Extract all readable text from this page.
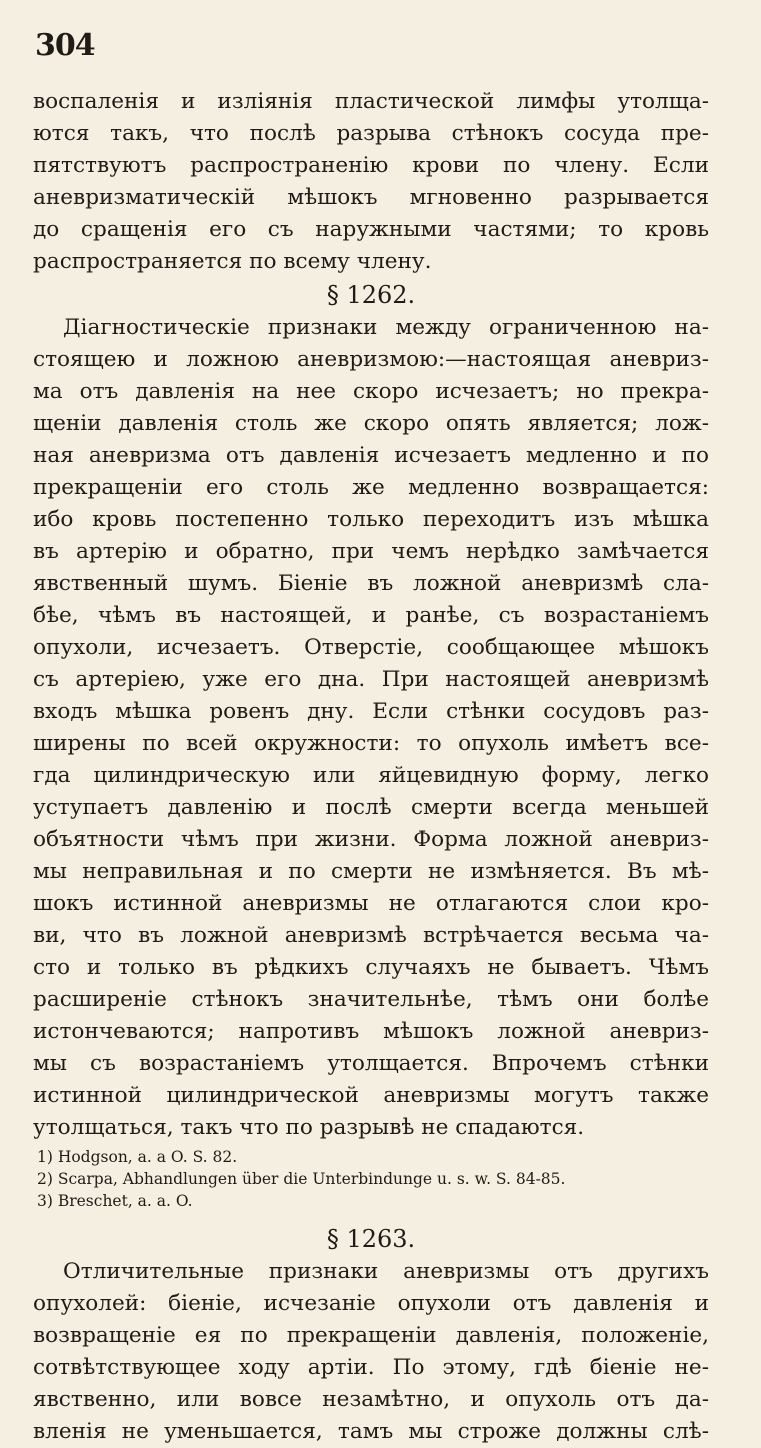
304
воспаленія и излiянiя пластической лимфы утолща-
ются такъ, что послѣ разрыва стѣнокъ сосуда пре-
пятствуютъ распространенiю крови по члену. Если
аневризматическiй мѣшокъ мгновенно разрывается
до сращенiя его съ наружными частями; то кровь
распространяется по всему члену.
§ 1262.
Дiагностическiе признаки между ограниченною на-
стоящею и ложною аневризмою:—настоящая аневриз-
ма отъ давленiя на нее скоро исчезаетъ; но прекра-
щенiи давленiя столь же скоро опять является; лож-
ная аневризма отъ давленiя исчезаетъ медленно и по
прекращенiи его столь же медленно возвращается:
ибо кровь постепенно только переходитъ изъ мѣшка
въ артерiю и обратно, при чемъ нерѣдко замѣчается
явственный шумъ. Бiенiе въ ложной аневризмѣ сла-
бѣе, чѣмъ въ настоящей, и ранѣе, съ возрастанiемъ
опухоли, исчезаетъ. Отверстiе, сообщающее мѣшокъ
съ артерiею, уже его дна. При настоящей аневризмѣ
входъ мѣшка ровенъ дну. Если стѣнки сосудовъ раз-
ширены по всей окружности: то опухоль имѣетъ все-
гда цилиндрическую или яйцевидную форму, легко
уступаетъ давленiю и послѣ смерти всегда меньшей
объятности чѣмъ при жизни. Форма ложной аневриз-
мы неправильная и по смерти не измѣняется. Въ мѣ-
шокъ истинной аневризмы не отлагаются слои кро-
ви, что въ ложной аневризмѣ встрѣчается весьма ча-
сто и только въ рѣдкихъ случаяхъ не бываетъ. Чѣмъ
расширенiе стѣнокъ значительнѣе, тѣмъ они болѣе
истончеваются; напротивъ мѣшокъ ложной аневриз-
мы съ возрастанiемъ утолщается. Впрочемъ стѣнки
истинной цилиндрической аневризмы могутъ также
утолщаться, такъ что по разрывѣ не спадаются.
1) Hodgson, a. a O. S. 82.
2) Scarpa, Abhandlungen über die Unterbindunge u. s. w. S. 84-85.
3) Breschet, a. a. O.
§ 1263.
Отличительные признаки аневризмы отъ другихъ
опухолей: бiенiе, исчезанiе опухоли отъ давленiя и
возвращенiе ея по прекращенiи давленiя, положенiе,
сотвѣтствующее ходу артiи. По этому, гдѣ бiенiе не-
явственно, или вовсе незамѣтно, и опухоль отъ да-
вленiя не уменьшается, тамъ мы строже должны слѣ-
